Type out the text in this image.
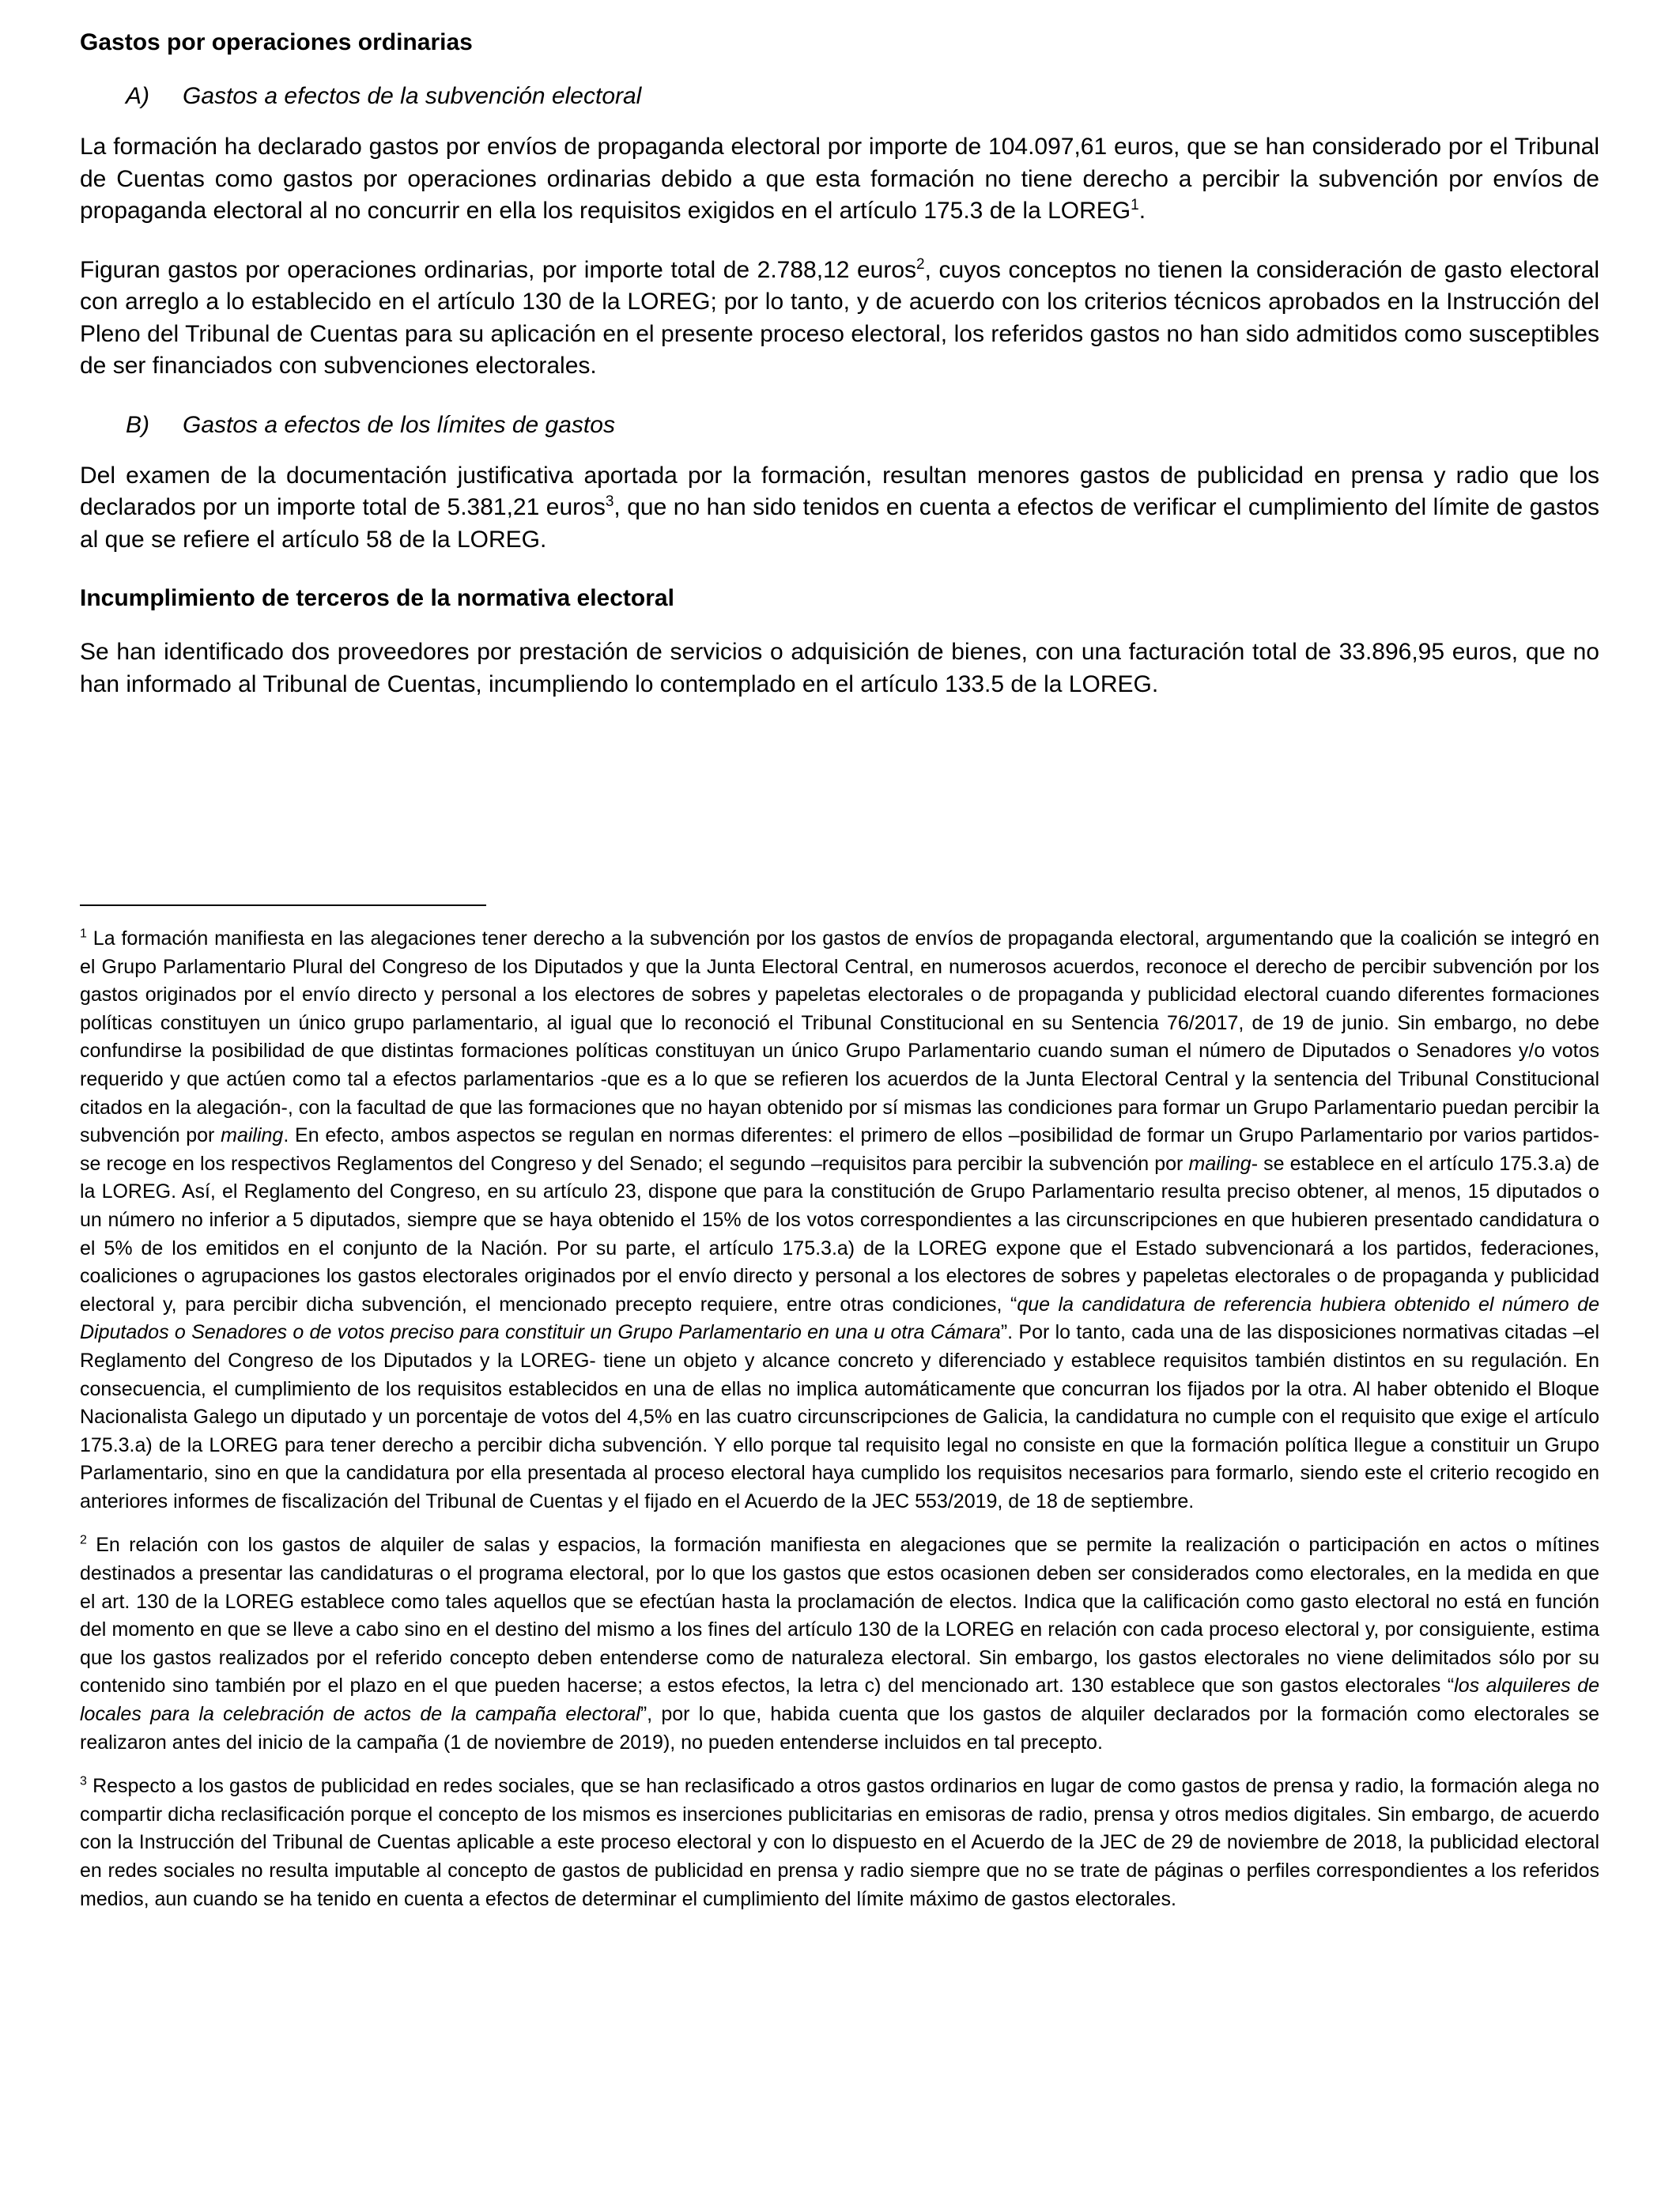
Gastos por operaciones ordinarias
A) Gastos a efectos de la subvención electoral

La formación ha declarado gastos por envíos de propaganda electoral por importe de 104.097,61 euros, que se han considerado por el Tribunal de Cuentas como gastos por operaciones ordinarias debido a que esta formación no tiene derecho a percibir la subvención por envíos de propaganda electoral al no concurrir en ella los requisitos exigidos en el artículo 175.3 de la LOREG$^1$.

Figuran gastos por operaciones ordinarias, por importe total de 2.788,12 euros$^2$, cuyos conceptos no tienen la consideración de gasto electoral con arreglo a lo establecido en el artículo 130 de la LOREG; por lo tanto, y de acuerdo con los criterios técnicos aprobados en la Instrucción del Pleno del Tribunal de Cuentas para su aplicación en el presente proceso electoral, los referidos gastos no han sido admitidos como susceptibles de ser financiados con subvenciones electorales.

B) Gastos a efectos de los límites de gastos

Del examen de la documentación justificativa aportada por la formación, resultan menores gastos de publicidad en prensa y radio que los declarados por un importe total de 5.381,21 euros$^3$, que no han sido tenidos en cuenta a efectos de verificar el cumplimiento del límite de gastos al que se refiere el artículo 58 de la LOREG.

Incumplimiento de terceros de la normativa electoral

Se han identificado dos proveedores por prestación de servicios o adquisición de bienes, con una facturación total de 33.896,95 euros, que no han informado al Tribunal de Cuentas, incumpliendo lo contemplado en el artículo 133.5 de la LOREG.

$^1$ La formación manifiesta en las alegaciones tener derecho a la subvención por los gastos de envíos de propaganda electoral, argumentando que la coalición se integró en el Grupo Parlamentario Plural del Congreso de los Diputados y que la Junta Electoral Central, en numerosos acuerdos, reconoce el derecho de percibir subvención por los gastos originados por el envío directo y personal a los electores de sobres y papeletas electorales o de propaganda y publicidad electoral cuando diferentes formaciones políticas constituyen un único grupo parlamentario, al igual que lo reconoció el Tribunal Constitucional en su Sentencia 76/2017, de 19 de junio. Sin embargo, no debe confundirse la posibilidad de que distintas formaciones políticas constituyan un único Grupo Parlamentario cuando suman el número de Diputados o Senadores y/o votos requerido y que actúen como tal a efectos parlamentarios -que es a lo que se refieren los acuerdos de la Junta Electoral Central y la sentencia del Tribunal Constitucional citados en la alegación-, con la facultad de que las formaciones que no hayan obtenido por sí mismas las condiciones para formar un Grupo Parlamentario puedan percibir la subvención por mailing. En efecto, ambos aspectos se regulan en normas diferentes: el primero de ellos –posibilidad de formar un Grupo Parlamentario por varios partidos- se recoge en los respectivos Reglamentos del Congreso y del Senado; el segundo –requisitos para percibir la subvención por mailing- se establece en el artículo 175.3.a) de la LOREG. Así, el Reglamento del Congreso, en su artículo 23, dispone que para la constitución de Grupo Parlamentario resulta preciso obtener, al menos, 15 diputados o un número no inferior a 5 diputados, siempre que se haya obtenido el 15% de los votos correspondientes a las circunscripciones en que hubieren presentado candidatura o el 5% de los emitidos en el conjunto de la Nación. Por su parte, el artículo 175.3.a) de la LOREG expone que el Estado subvencionará a los partidos, federaciones, coaliciones o agrupaciones los gastos electorales originados por el envío directo y personal a los electores de sobres y papeletas electorales o de propaganda y publicidad electoral y, para percibir dicha subvención, el mencionado precepto requiere, entre otras condiciones, “que la candidatura de referencia hubiera obtenido el número de Diputados o Senadores o de votos preciso para constituir un Grupo Parlamentario en una u otra Cámara”. Por lo tanto, cada una de las disposiciones normativas citadas –el Reglamento del Congreso de los Diputados y la LOREG- tiene un objeto y alcance concreto y diferenciado y establece requisitos también distintos en su regulación. En consecuencia, el cumplimiento de los requisitos establecidos en una de ellas no implica automáticamente que concurran los fijados por la otra. Al haber obtenido el Bloque Nacionalista Galego un diputado y un porcentaje de votos del 4,5% en las cuatro circunscripciones de Galicia, la candidatura no cumple con el requisito que exige el artículo 175.3.a) de la LOREG para tener derecho a percibir dicha subvención. Y ello porque tal requisito legal no consiste en que la formación política llegue a constituir un Grupo Parlamentario, sino en que la candidatura por ella presentada al proceso electoral haya cumplido los requisitos necesarios para formarlo, siendo este el criterio recogido en anteriores informes de fiscalización del Tribunal de Cuentas y el fijado en el Acuerdo de la JEC 553/2019, de 18 de septiembre.

$^2$ En relación con los gastos de alquiler de salas y espacios, la formación manifiesta en alegaciones que se permite la realización o participación en actos o mítines destinados a presentar las candidaturas o el programa electoral, por lo que los gastos que estos ocasionen deben ser considerados como electorales, en la medida en que el art. 130 de la LOREG establece como tales aquellos que se efectúan hasta la proclamación de electos. Indica que la calificación como gasto electoral no está en función del momento en que se lleve a cabo sino en el destino del mismo a los fines del artículo 130 de la LOREG en relación con cada proceso electoral y, por consiguiente, estima que los gastos realizados por el referido concepto deben entenderse como de naturaleza electoral. Sin embargo, los gastos electorales no viene delimitados sólo por su contenido sino también por el plazo en el que pueden hacerse; a estos efectos, la letra c) del mencionado art. 130 establece que son gastos electorales “los alquileres de locales para la celebración de actos de la campaña electoral”, por lo que, habida cuenta que los gastos de alquiler declarados por la formación como electorales se realizaron antes del inicio de la campaña (1 de noviembre de 2019), no pueden entenderse incluidos en tal precepto.

$^3$ Respecto a los gastos de publicidad en redes sociales, que se han reclasificado a otros gastos ordinarios en lugar de como gastos de prensa y radio, la formación alega no compartir dicha reclasificación porque el concepto de los mismos es inserciones publicitarias en emisoras de radio, prensa y otros medios digitales. Sin embargo, de acuerdo con la Instrucción del Tribunal de Cuentas aplicable a este proceso electoral y con lo dispuesto en el Acuerdo de la JEC de 29 de noviembre de 2018, la publicidad electoral en redes sociales no resulta imputable al concepto de gastos de publicidad en prensa y radio siempre que no se trate de páginas o perfiles correspondientes a los referidos medios, aun cuando se ha tenido en cuenta a efectos de determinar el cumplimiento del límite máximo de gastos electorales.
